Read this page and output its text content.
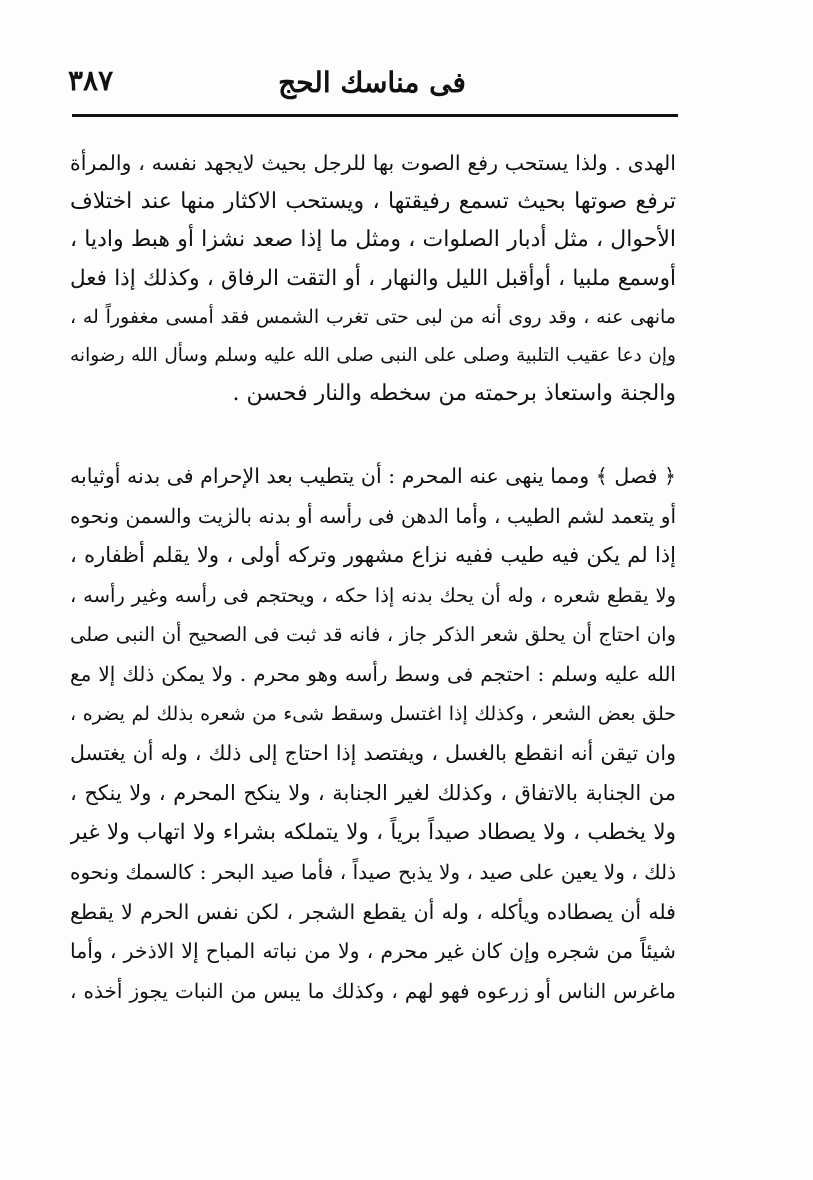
فى مناسك الحج
٣٨٧
الهدى . ولذا يستحب رفع الصوت بها للرجل بحيث لايجهد نفسه ، والمرأة
ترفع صوتها بحيث تسمع رفيقتها ، ويستحب الاكثار منها عند اختلاف
الأحوال ، مثل أدبار الصلوات ، ومثل ما إذا صعد نشزا أو هبط واديا ،
أوسمع ملبيا ، أوأقبل الليل والنهار ، أو التقت الرفاق ، وكذلك إذا فعل
مانهى عنه ، وقد روى أنه من لبى حتى تغرب الشمس فقد أمسى مغفوراً له ،
وإن دعا عقيب التلبية وصلى على النبى صلى الله عليه وسلم وسأل الله رضوانه
والجنة واستعاذ برحمته من سخطه والنار فحسن .
﴿ فصل ﴾ ومما ينهى عنه المحرم : أن يتطيب بعد الإحرام فى بدنه أوثيابه
أو يتعمد لشم الطيب ، وأما الدهن فى رأسه أو بدنه بالزيت والسمن ونحوه
إذا لم يكن فيه طيب ففيه نزاع مشهور وتركه أولى ، ولا يقلم أظفاره ،
ولا يقطع شعره ، وله أن يحك بدنه إذا حكه ، ويحتجم فى رأسه وغير رأسه ،
وان احتاج أن يحلق شعر الذكر جاز ، فانه قد ثبت فى الصحيح أن النبى صلى
الله عليه وسلم : احتجم فى وسط رأسه وهو محرم . ولا يمكن ذلك إلا مع
حلق بعض الشعر ، وكذلك إذا اغتسل وسقط شىء من شعره بذلك لم يضره ،
وان تيقن أنه انقطع بالغسل ، ويفتصد إذا احتاج إلى ذلك ، وله أن يغتسل
من الجنابة بالاتفاق ، وكذلك لغير الجنابة ، ولا ينكح المحرم ، ولا ينكح ،
ولا يخطب ، ولا يصطاد صيداً برياً ، ولا يتملكه بشراء ولا اتهاب ولا غير
ذلك ، ولا يعين على صيد ، ولا يذبح صيداً ، فأما صيد البحر : كالسمك ونحوه
فله أن يصطاده ويأكله ، وله أن يقطع الشجر ، لكن نفس الحرم لا يقطع
شيئاً من شجره وإن كان غير محرم ، ولا من نباته المباح إلا الاذخر ، وأما
ماغرس الناس أو زرعوه فهو لهم ، وكذلك ما يبس من النبات يجوز أخذه ،
